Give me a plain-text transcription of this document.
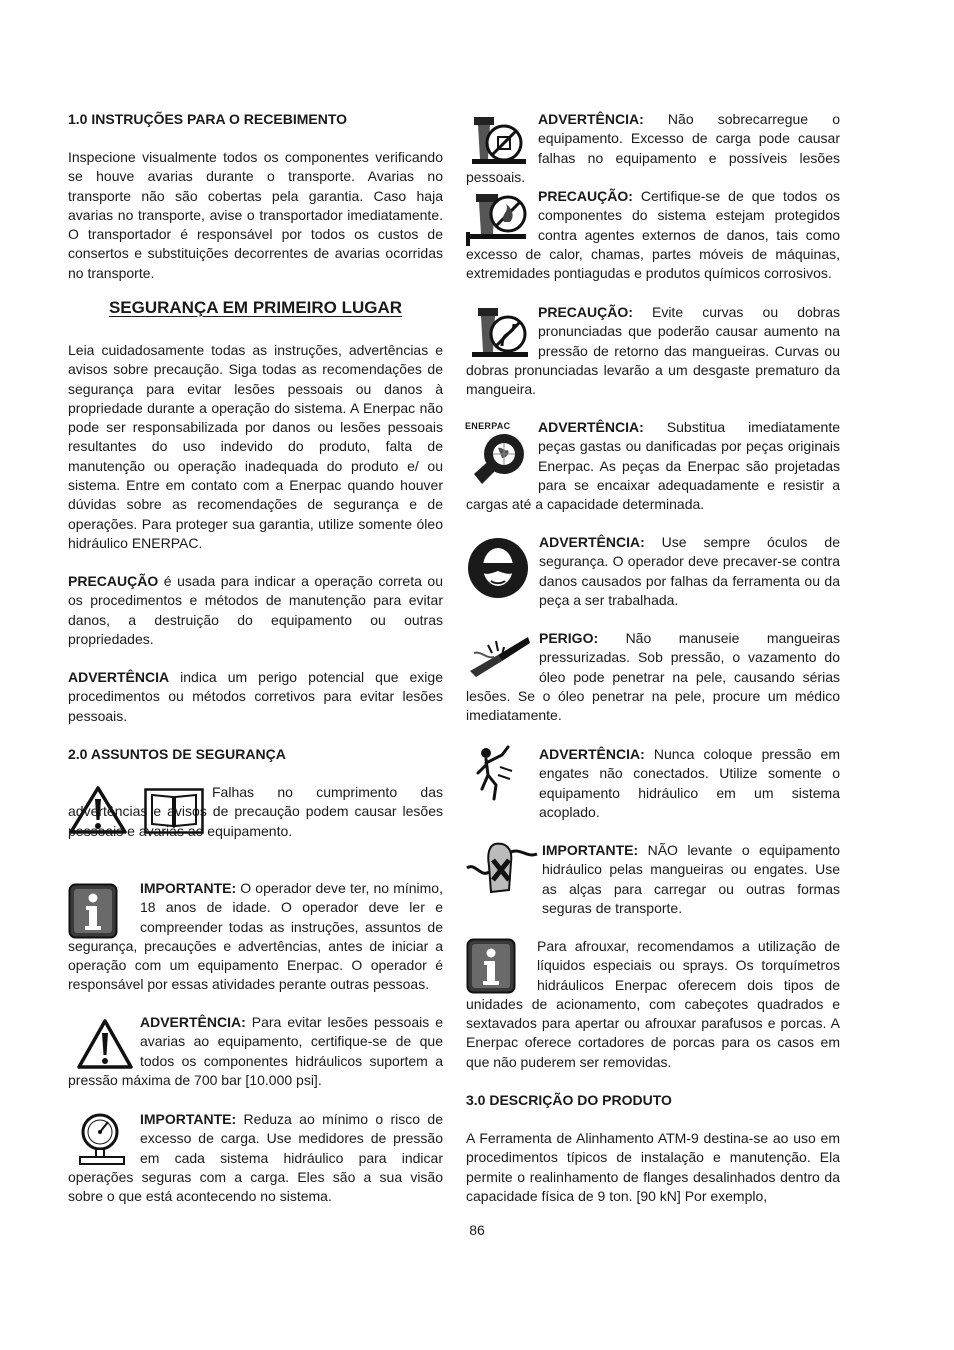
1.0 INSTRUÇÕES PARA O RECEBIMENTO

Inspecione visualmente todos os componentes verificando se houve avarias durante o transporte. Avarias no transporte não são cobertas pela garantia. Caso haja avarias no transporte, avise o transportador imediatamente. O transportador é responsável por todos os custos de consertos e substituições decorrentes de avarias ocorridas no transporte.

SEGURANÇA EM PRIMEIRO LUGAR

Leia cuidadosamente todas as instruções, advertências e avisos sobre precaução. Siga todas as recomendações de segurança para evitar lesões pessoais ou danos à propriedade durante a operação do sistema. A Enerpac não pode ser responsabilizada por danos ou lesões pessoais resultantes do uso indevido do produto, falta de manutenção ou operação inadequada do produto e/ ou sistema. Entre em contato com a Enerpac quando houver dúvidas sobre as recomendações de segurança e de operações. Para proteger sua garantia, utilize somente óleo hidráulico ENERPAC.

PRECAUÇÃO é usada para indicar a operação correta ou os procedimentos e métodos de manutenção para evitar danos, a destruição do equipamento ou outras propriedades.

ADVERTÊNCIA indica um perigo potencial que exige procedimentos ou métodos corretivos para evitar lesões pessoais.

2.0 ASSUNTOS DE SEGURANÇA

Falhas no cumprimento das advertências e avisos de precaução podem causar lesões pessoais e avarias ao equipamento.

IMPORTANTE: O operador deve ter, no mínimo, 18 anos de idade. O operador deve ler e compreender todas as instruções, assuntos de segurança, precauções e advertências, antes de iniciar a operação com um equipamento Enerpac. O operador é responsável por essas atividades perante outras pessoas.

ADVERTÊNCIA: Para evitar lesões pessoais e avarias ao equipamento, certifique-se de que todos os componentes hidráulicos suportem a pressão máxima de 700 bar [10.000 psi].

IMPORTANTE: Reduza ao mínimo o risco de excesso de carga. Use medidores de pressão em cada sistema hidráulico para indicar operações seguras com a carga. Eles são a sua visão sobre o que está acontecendo no sistema.

ADVERTÊNCIA: Não sobrecarregue o equipamento. Excesso de carga pode causar falhas no equipamento e possíveis lesões pessoais.

PRECAUÇÃO: Certifique-se de que todos os componentes do sistema estejam protegidos contra agentes externos de danos, tais como excesso de calor, chamas, partes móveis de máquinas, extremidades pontiagudas e produtos químicos corrosivos.

PRECAUÇÃO: Evite curvas ou dobras pronunciadas que poderão causar aumento na pressão de retorno das mangueiras. Curvas ou dobras pronunciadas levarão a um desgaste prematuro da mangueira.

ENERPAC	ADVERTÊNCIA: Substitua imediatamente peças gastas ou danificadas por peças originais Enerpac. As peças da Enerpac são projetadas para se encaixar adequadamente e resistir a cargas até a capacidade determinada.

ADVERTÊNCIA: Use sempre óculos de segurança. O operador deve precaver-se contra danos causados por falhas da ferramenta ou da peça a ser trabalhada.

PERIGO: Não manuseie mangueiras pressurizadas. Sob pressão, o vazamento do óleo pode penetrar na pele, causando sérias lesões. Se o óleo penetrar na pele, procure um médico imediatamente.

ADVERTÊNCIA: Nunca coloque pressão em engates não conectados. Utilize somente o equipamento hidráulico em um sistema acoplado.

IMPORTANTE: NÃO levante o equipamento hidráulico pelas mangueiras ou engates. Use as alças para carregar ou outras formas seguras de transporte.

Para afrouxar, recomendamos a utilização de líquidos especiais ou sprays. Os torquímetros hidráulicos Enerpac oferecem dois tipos de unidades de acionamento, com cabeçotes quadrados e sextavados para apertar ou afrouxar parafusos e porcas. A Enerpac oferece cortadores de porcas para os casos em que não puderem ser removidas.

3.0 DESCRIÇÃO DO PRODUTO

A Ferramenta de Alinhamento ATM-9 destina-se ao uso em procedimentos típicos de instalação e manutenção. Ela permite o realinhamento de flanges desalinhados dentro da capacidade física de 9 ton. [90 kN] Por exemplo,

86
